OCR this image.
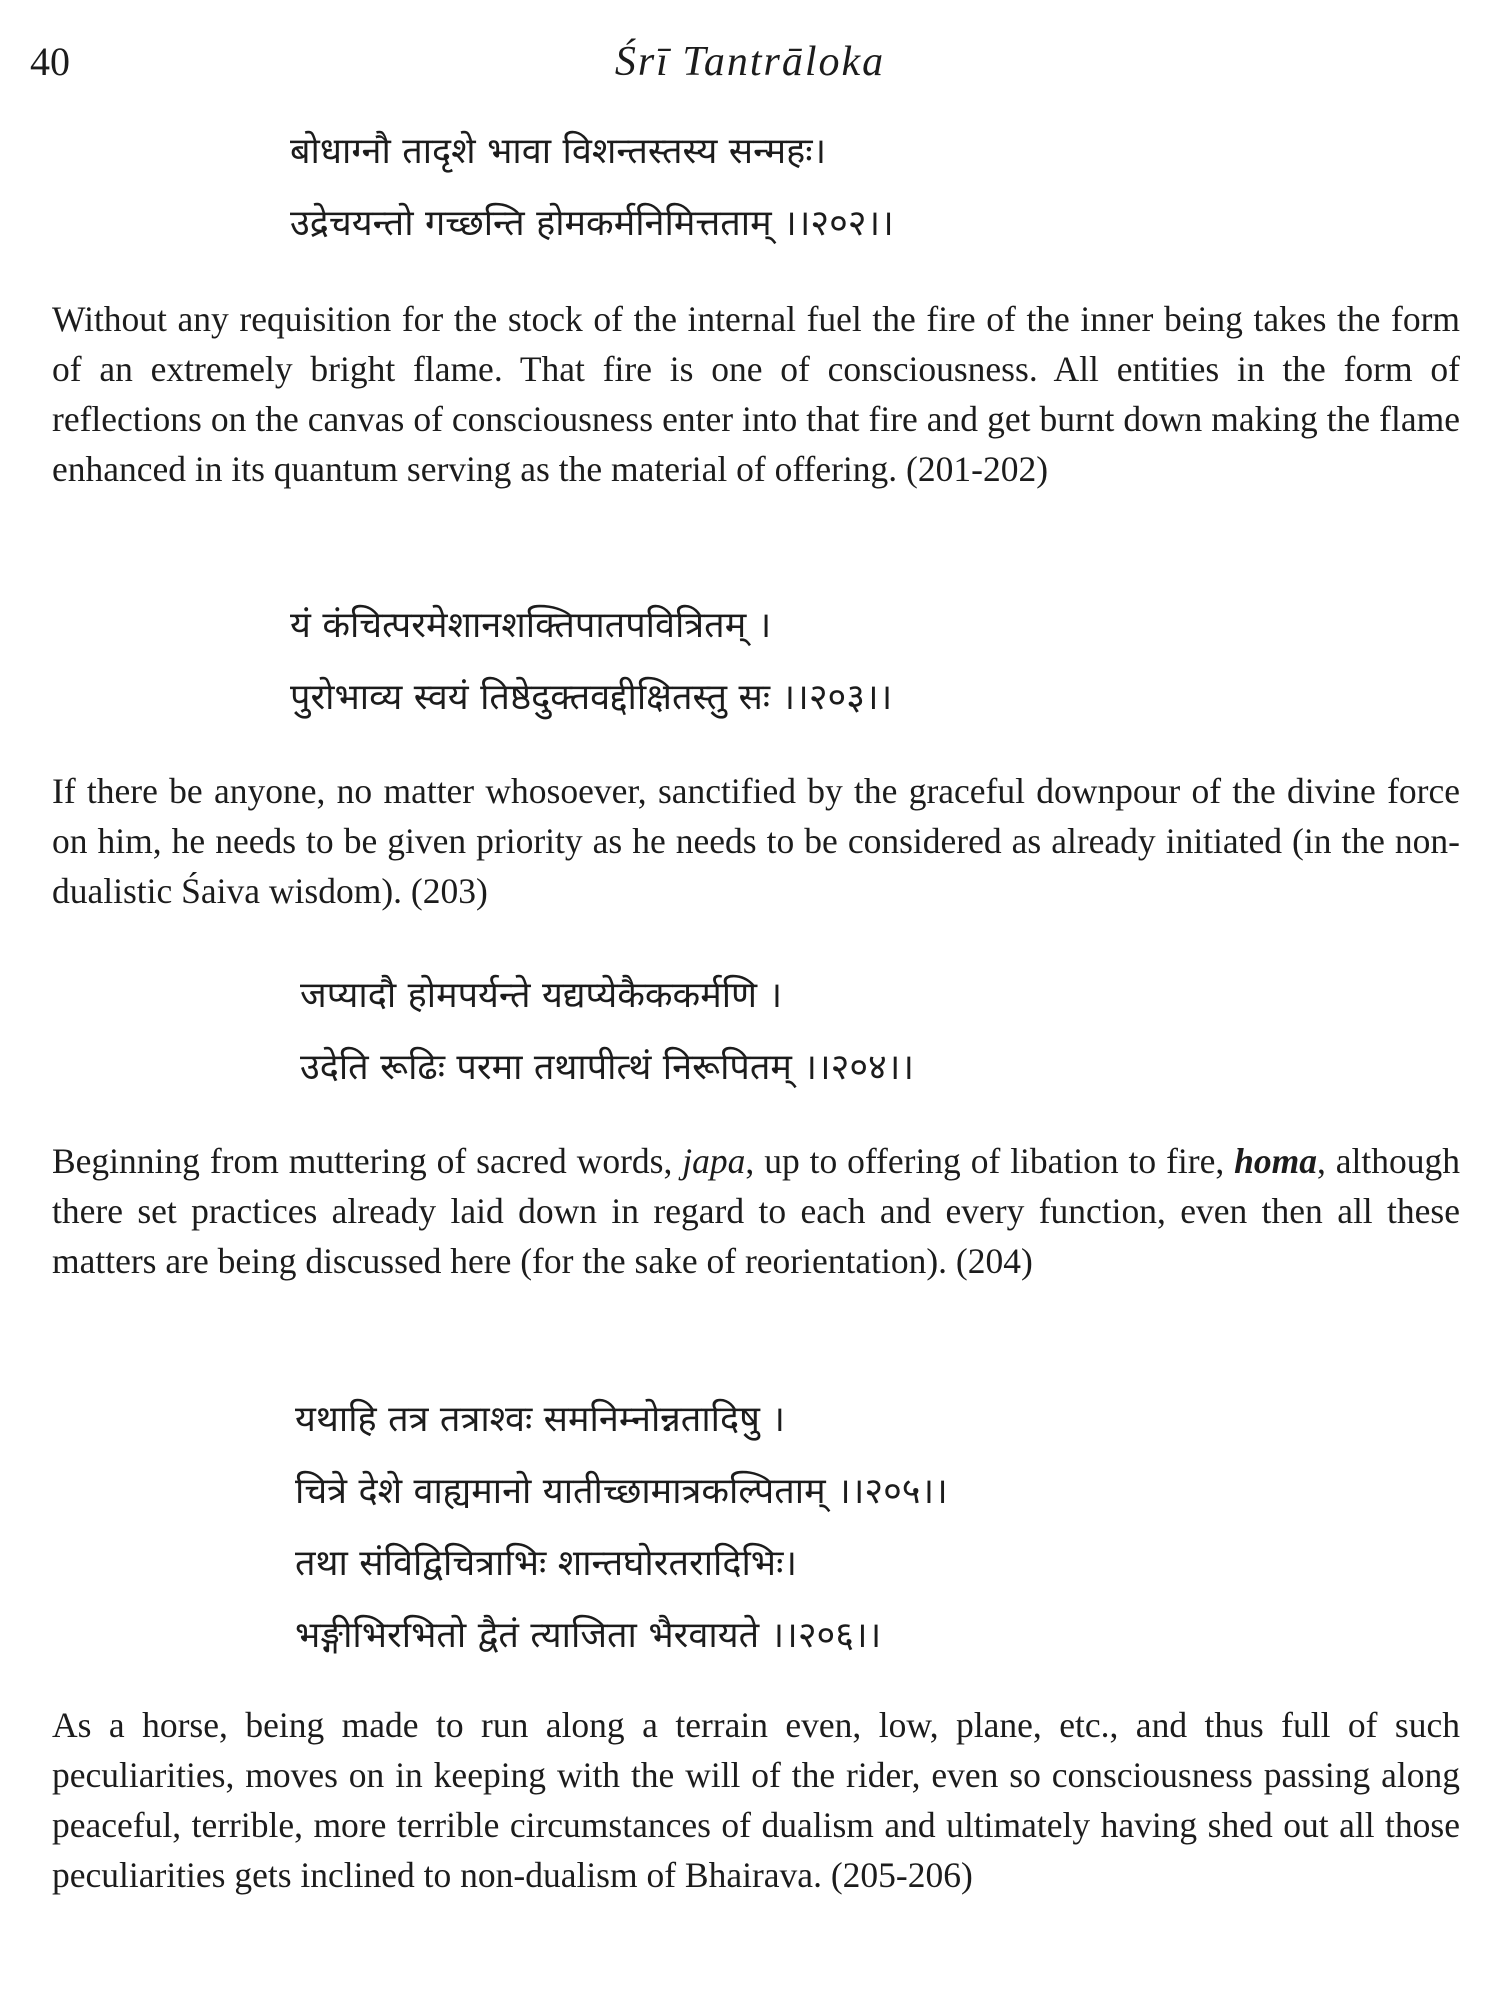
40	Śrī Tantrāloka
बोधाग्नौ तादृशे भावा विशन्तस्तस्य सन्महः।
उद्रेचयन्तो गच्छन्ति होमकर्मनिमित्तताम् ।।२०२।।

Without any requisition for the stock of the internal fuel the fire of the inner being takes the form of an extremely bright flame. That fire is one of consciousness. All entities in the form of reflections on the canvas of consciousness enter into that fire and get burnt down making the flame enhanced in its quantum serving as the material of offering. (201-202)

यं कंचित्परमेशानशक्तिपातपवित्रितम् ।
पुरोभाव्य स्वयं तिष्ठेदुक्तवद्दीक्षितस्तु सः ।।२०३।।

If there be anyone, no matter whosoever, sanctified by the graceful downpour of the divine force on him, he needs to be given priority as he needs to be considered as already initiated (in the non-dualistic Śaiva wisdom). (203)

जप्यादौ होमपर्यन्ते यद्यप्येकैककर्मणि ।
उदेति रूढिः परमा तथापीत्थं निरूपितम् ।।२०४।।

Beginning from muttering of sacred words, japa, up to offering of libation to fire, homa, although there set practices already laid down in regard to each and every function, even then all these matters are being discussed here (for the sake of reorientation). (204)

यथाहि तत्र तत्राश्वः समनिम्नोन्नतादिषु ।
चित्रे देशे वाह्यमानो यातीच्छामात्रकल्पिताम् ।।२०५।।
तथा संविद्विचित्राभिः शान्तघोरतरादिभिः।
भङ्गीभिरभितो द्वैतं त्याजिता भैरवायते ।।२०६।।

As a horse, being made to run along a terrain even, low, plane, etc., and thus full of such peculiarities, moves on in keeping with the will of the rider, even so consciousness passing along peaceful, terrible, more terrible circumstances of dualism and ultimately having shed out all those peculiarities gets inclined to non-dualism of Bhairava. (205-206)
